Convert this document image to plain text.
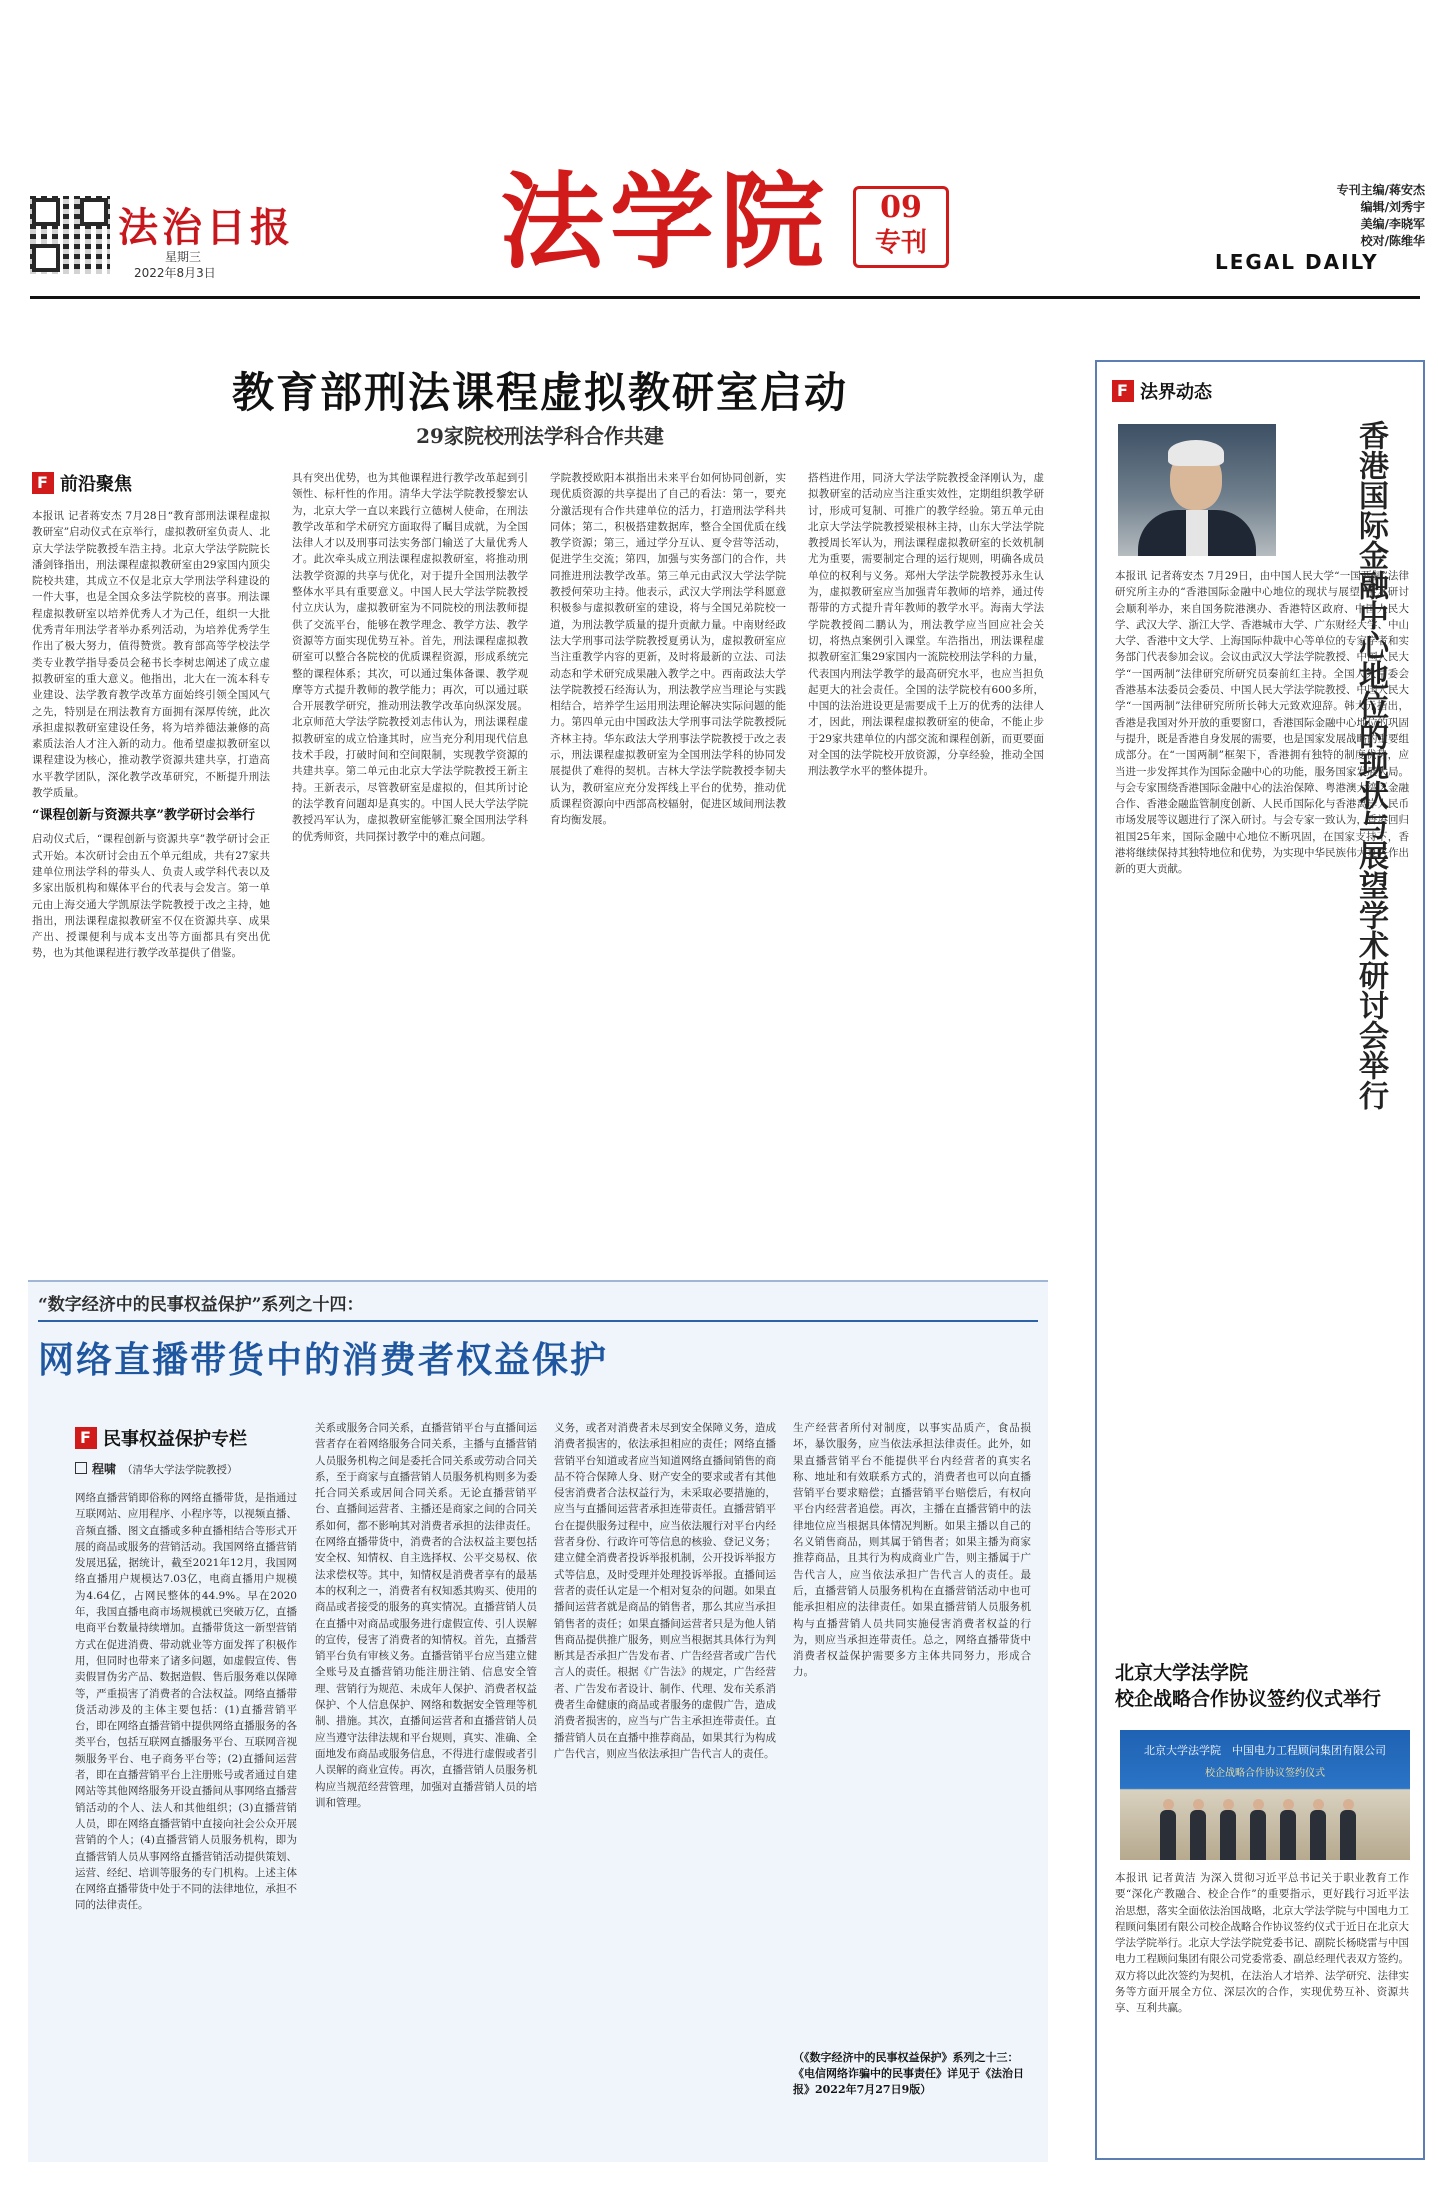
法治日报
星期三
2022年8月3日	法学院	09
专刊
专刊主编/蒋安杰
编辑/刘秀宇
美编/李晓军
校对/陈维华
LEGAL DAILY
教育部刑法课程虚拟教研室启动
29家院校刑法学科合作共建
F
前沿聚焦
本报讯 记者蒋安杰 7月28日“教育部刑法课程虚拟教研室”启动仪式在京举行，虚拟教研室负责人、北京大学法学院教授车浩主持。北京大学法学院院长潘剑锋指出，刑法课程虚拟教研室由29家国内顶尖院校共建，其成立不仅是北京大学刑法学科建设的一件大事，也是全国众多法学院校的喜事。刑法课程虚拟教研室以培养优秀人才为己任，组织一大批优秀青年刑法学者举办系列活动，为培养优秀学生作出了极大努力，值得赞赏。教育部高等学校法学类专业教学指导委员会秘书长李树忠阐述了成立虚拟教研室的重大意义。他指出，北大在一流本科专业建设、法学教育教学改革方面始终引领全国风气之先，特别是在刑法教育方面拥有深厚传统，此次承担虚拟教研室建设任务，将为培养德法兼修的高素质法治人才注入新的动力。他希望虚拟教研室以课程建设为核心，推动教学资源共建共享，打造高水平教学团队，深化教学改革研究，不断提升刑法教学质量。
“课程创新与资源共享”教学研讨会举行
启动仪式后，“课程创新与资源共享”教学研讨会正式开始。本次研讨会由五个单元组成，共有27家共建单位刑法学科的带头人、负责人或学科代表以及多家出版机构和媒体平台的代表与会发言。第一单元由上海交通大学凯原法学院教授于改之主持，她指出，刑法课程虚拟教研室不仅在资源共享、成果产出、授课便利与成本支出等方面都具有突出优势，也为其他课程进行教学改革提供了借鉴。
具有突出优势，也为其他课程进行教学改革起到引领性、标杆性的作用。清华大学法学院教授黎宏认为，北京大学一直以来践行立德树人使命，在刑法教学改革和学术研究方面取得了瞩目成就，为全国法律人才以及刑事司法实务部门输送了大量优秀人才。此次牵头成立刑法课程虚拟教研室，将推动刑法教学资源的共享与优化，对于提升全国刑法教学整体水平具有重要意义。中国人民大学法学院教授付立庆认为，虚拟教研室为不同院校的刑法教师提供了交流平台，能够在教学理念、教学方法、教学资源等方面实现优势互补。首先，刑法课程虚拟教研室可以整合各院校的优质课程资源，形成系统完整的课程体系；其次，可以通过集体备课、教学观摩等方式提升教师的教学能力；再次，可以通过联合开展教学研究，推动刑法教学改革向纵深发展。北京师范大学法学院教授刘志伟认为，刑法课程虚拟教研室的成立恰逢其时，应当充分利用现代信息技术手段，打破时间和空间限制，实现教学资源的共建共享。第二单元由北京大学法学院教授王新主持。王新表示，尽管教研室是虚拟的，但其所讨论的法学教育问题却是真实的。中国人民大学法学院教授冯军认为，虚拟教研室能够汇聚全国刑法学科的优秀师资，共同探讨教学中的难点问题。
学院教授欧阳本祺指出未来平台如何协同创新，实现优质资源的共享提出了自己的看法：第一，要充分激活现有合作共建单位的活力，打造刑法学科共同体；第二，积极搭建数据库，整合全国优质在线教学资源；第三，通过学分互认、夏令营等活动，促进学生交流；第四，加强与实务部门的合作，共同推进刑法教学改革。第三单元由武汉大学法学院教授何荣功主持。他表示，武汉大学刑法学科愿意积极参与虚拟教研室的建设，将与全国兄弟院校一道，为刑法教学质量的提升贡献力量。中南财经政法大学刑事司法学院教授夏勇认为，虚拟教研室应当注重教学内容的更新，及时将最新的立法、司法动态和学术研究成果融入教学之中。西南政法大学法学院教授石经海认为，刑法教学应当理论与实践相结合，培养学生运用刑法理论解决实际问题的能力。第四单元由中国政法大学刑事司法学院教授阮齐林主持。华东政法大学刑事法学院教授于改之表示，刑法课程虚拟教研室为全国刑法学科的协同发展提供了难得的契机。吉林大学法学院教授李韧夫认为，教研室应充分发挥线上平台的优势，推动优质课程资源向中西部高校辐射，促进区域间刑法教育均衡发展。
搭档进作用，同济大学法学院教授金泽刚认为，虚拟教研室的活动应当注重实效性，定期组织教学研讨，形成可复制、可推广的教学经验。第五单元由北京大学法学院教授梁根林主持，山东大学法学院教授周长军认为，刑法课程虚拟教研室的长效机制尤为重要，需要制定合理的运行规则，明确各成员单位的权利与义务。郑州大学法学院教授苏永生认为，虚拟教研室应当加强青年教师的培养，通过传帮带的方式提升青年教师的教学水平。海南大学法学院教授阎二鹏认为，刑法教学应当回应社会关切，将热点案例引入课堂。车浩指出，刑法课程虚拟教研室汇集29家国内一流院校刑法学科的力量，代表国内刑法学教学的最高研究水平，也应当担负起更大的社会责任。全国的法学院校有600多所，中国的法治进设更是需要成千上万的优秀的法律人才，因此，刑法课程虚拟教研室的使命，不能止步于29家共建单位的内部交流和课程创新，而更要面对全国的法学院校开放资源，分享经验，推动全国刑法教学水平的整体提升。
F
法界动态
香港国际金融中心地位的现状与展望学术研讨会举行
本报讯 记者蒋安杰 7月29日，由中国人民大学“一国两制”法律研究所主办的“香港国际金融中心地位的现状与展望”学术研讨会顺利举办，来自国务院港澳办、香港特区政府、中国人民大学、武汉大学、浙江大学、香港城市大学、广东财经大学、中山大学、香港中文大学、上海国际仲裁中心等单位的专家学者和实务部门代表参加会议。会议由武汉大学法学院教授、中国人民大学“一国两制”法律研究所研究员秦前红主持。全国人大常委会香港基本法委员会委员、中国人民大学法学院教授、中国人民大学“一国两制”法律研究所所长韩大元致欢迎辞。韩大元指出，香港是我国对外开放的重要窗口，香港国际金融中心地位的巩固与提升，既是香港自身发展的需要，也是国家发展战略的重要组成部分。在“一国两制”框架下，香港拥有独特的制度优势，应当进一步发挥其作为国际金融中心的功能，服务国家发展大局。与会专家围绕香港国际金融中心的法治保障、粤港澳大湾区金融合作、香港金融监管制度创新、人民币国际化与香港离岸人民币市场发展等议题进行了深入研讨。与会专家一致认为，香港回归祖国25年来，国际金融中心地位不断巩固，在国家支持下，香港将继续保持其独特地位和优势，为实现中华民族伟大复兴作出新的更大贡献。
北京大学法学院
校企战略合作协议签约仪式举行
北京大学法学院　中国电力工程顾问集团有限公司
校企战略合作协议签约仪式
本报讯 记者黄洁 为深入贯彻习近平总书记关于职业教育工作要“深化产教融合、校企合作”的重要指示，更好践行习近平法治思想，落实全面依法治国战略，北京大学法学院与中国电力工程顾问集团有限公司校企战略合作协议签约仪式于近日在北京大学法学院举行。北京大学法学院党委书记、副院长杨晓雷与中国电力工程顾问集团有限公司党委常委、副总经理代表双方签约。双方将以此次签约为契机，在法治人才培养、法学研究、法律实务等方面开展全方位、深层次的合作，实现优势互补、资源共享、互利共赢。
“数字经济中的民事权益保护”系列之十四：
网络直播带货中的消费者权益保护
F
民事权益保护专栏
程啸 （清华大学法学院教授）
网络直播营销即俗称的网络直播带货，是指通过互联网站、应用程序、小程序等，以视频直播、音频直播、图文直播或多种直播相结合等形式开展的商品或服务的营销活动。我国网络直播营销发展迅猛，据统计，截至2021年12月，我国网络直播用户规模达7.03亿，电商直播用户规模为4.64亿，占网民整体的44.9%。早在2020年，我国直播电商市场规模就已突破万亿，直播电商平台数量持续增加。直播带货这一新型营销方式在促进消费、带动就业等方面发挥了积极作用，但同时也带来了诸多问题，如虚假宣传、售卖假冒伪劣产品、数据造假、售后服务难以保障等，严重损害了消费者的合法权益。网络直播带货活动涉及的主体主要包括：(1)直播营销平台，即在网络直播营销中提供网络直播服务的各类平台，包括互联网直播服务平台、互联网音视频服务平台、电子商务平台等；(2)直播间运营者，即在直播营销平台上注册账号或者通过自建网站等其他网络服务开设直播间从事网络直播营销活动的个人、法人和其他组织；(3)直播营销人员，即在网络直播营销中直接向社会公众开展营销的个人；(4)直播营销人员服务机构，即为直播营销人员从事网络直播营销活动提供策划、运营、经纪、培训等服务的专门机构。上述主体在网络直播带货中处于不同的法律地位，承担不同的法律责任。
关系或服务合同关系，直播营销平台与直播间运营者存在着网络服务合同关系，主播与直播营销人员服务机构之间是委托合同关系或劳动合同关系，至于商家与直播营销人员服务机构则多为委托合同关系或居间合同关系。无论直播营销平台、直播间运营者、主播还是商家之间的合同关系如何，都不影响其对消费者承担的法律责任。在网络直播带货中，消费者的合法权益主要包括安全权、知情权、自主选择权、公平交易权、依法求偿权等。其中，知情权是消费者享有的最基本的权利之一，消费者有权知悉其购买、使用的商品或者接受的服务的真实情况。直播营销人员在直播中对商品或服务进行虚假宣传、引人误解的宣传，侵害了消费者的知情权。首先，直播营销平台负有审核义务。直播营销平台应当建立健全账号及直播营销功能注册注销、信息安全管理、营销行为规范、未成年人保护、消费者权益保护、个人信息保护、网络和数据安全管理等机制、措施。其次，直播间运营者和直播营销人员应当遵守法律法规和平台规则，真实、准确、全面地发布商品或服务信息，不得进行虚假或者引人误解的商业宣传。再次，直播营销人员服务机构应当规范经营管理，加强对直播营销人员的培训和管理。
义务，或者对消费者未尽到安全保障义务，造成消费者损害的，依法承担相应的责任；网络直播营销平台知道或者应当知道网络直播间销售的商品不符合保障人身、财产安全的要求或者有其他侵害消费者合法权益行为，未采取必要措施的，应当与直播间运营者承担连带责任。直播营销平台在提供服务过程中，应当依法履行对平台内经营者身份、行政许可等信息的核验、登记义务；建立健全消费者投诉举报机制，公开投诉举报方式等信息，及时受理并处理投诉举报。直播间运营者的责任认定是一个相对复杂的问题。如果直播间运营者就是商品的销售者，那么其应当承担销售者的责任；如果直播间运营者只是为他人销售商品提供推广服务，则应当根据其具体行为判断其是否承担广告发布者、广告经营者或广告代言人的责任。根据《广告法》的规定，广告经营者、广告发布者设计、制作、代理、发布关系消费者生命健康的商品或者服务的虚假广告，造成消费者损害的，应当与广告主承担连带责任。直播营销人员在直播中推荐商品，如果其行为构成广告代言，则应当依法承担广告代言人的责任。
生产经营者所付对制度，以事实品质产，食品损坏，暴饮服务，应当依法承担法律责任。此外，如果直播营销平台不能提供平台内经营者的真实名称、地址和有效联系方式的，消费者也可以向直播营销平台要求赔偿；直播营销平台赔偿后，有权向平台内经营者追偿。再次，主播在直播营销中的法律地位应当根据具体情况判断。如果主播以自己的名义销售商品，则其属于销售者；如果主播为商家推荐商品，且其行为构成商业广告，则主播属于广告代言人，应当依法承担广告代言人的责任。最后，直播营销人员服务机构在直播营销活动中也可能承担相应的法律责任。如果直播营销人员服务机构与直播营销人员共同实施侵害消费者权益的行为，则应当承担连带责任。总之，网络直播带货中消费者权益保护需要多方主体共同努力，形成合力。
（《数字经济中的民事权益保护》系列之十三：《电信网络诈骗中的民事责任》详见于《法治日报》2022年7月27日9版）
